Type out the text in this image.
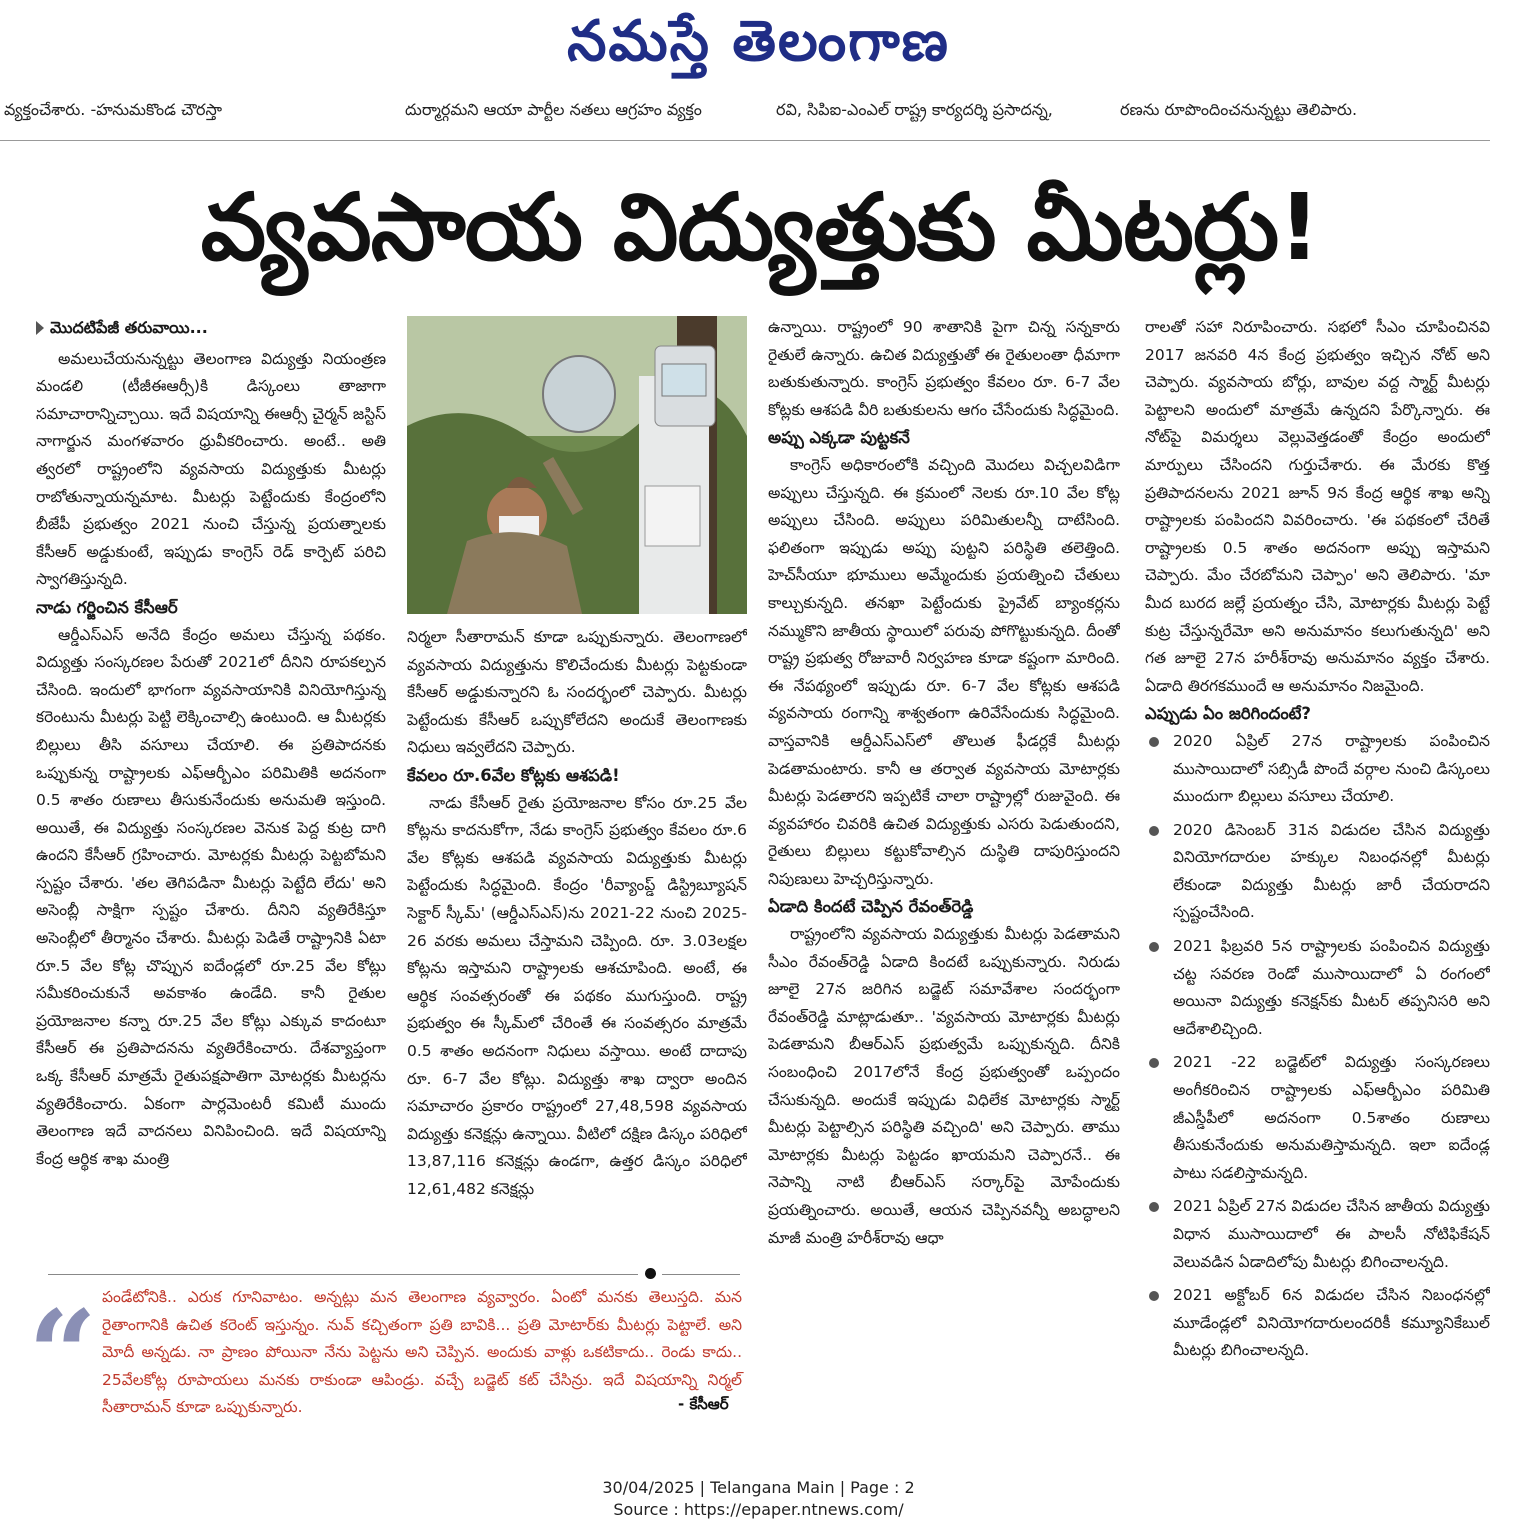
నమస్తే తెలంగాణ
వ్యక్తంచేశారు. -హనుమకొండ చౌరస్తా	దుర్మార్గమని ఆయా పార్టీల నతలు ఆగ్రహం వ్యక్తం	రవి, సిపిఐ-ఎంఎల్ రాష్ట్ర కార్యదర్శి ప్రసాదన్న,	రణను రూపొందించనున్నట్టు తెలిపారు.
వ్యవసాయ విద్యుత్తుకు మీటర్లు!
మొదటిపేజీ తరువాయి...

అమలుచేయనున్నట్టు తెలంగాణ విద్యుత్తు నియంత్రణ మండలి (టీజీఈఆర్సీ)కి డిస్కంలు తాజాగా సమాచారాన్నిచ్చాయి. ఇదే విషయాన్ని ఈఆర్సీ చైర్మన్ జస్టిస్ నాగార్జున మంగళవారం ధ్రువీకరించారు. అంటే.. అతి త్వరలో రాష్ట్రంలోని వ్యవసాయ విద్యుత్తుకు మీటర్లు రాబోతున్నాయన్నమాట. మీటర్లు పెట్టేందుకు కేంద్రంలోని బీజేపీ ప్రభుత్వం 2021 నుంచి చేస్తున్న ప్రయత్నాలకు కేసీఆర్ అడ్డుకుంటే, ఇప్పుడు కాంగ్రెస్ రెడ్ కార్పెట్ పరిచి స్వాగతిస్తున్నది.

నాడు గర్జించిన కేసీఆర్

ఆర్డీఎస్ఎస్ అనేది కేంద్రం అమలు చేస్తున్న పథకం. విద్యుత్తు సంస్కరణల పేరుతో 2021లో దీనిని రూపకల్పన చేసింది. ఇందులో భాగంగా వ్యవసాయానికి వినియోగిస్తున్న కరెంటును మీటర్లు పెట్టి లెక్కించాల్సి ఉంటుంది. ఆ మీటర్లకు బిల్లులు తీసి వసూలు చేయాలి. ఈ ప్రతిపాదనకు ఒప్పుకున్న రాష్ట్రాలకు ఎఫ్ఆర్బీఎం పరిమితికి అదనంగా 0.5 శాతం రుణాలు తీసుకునేందుకు అనుమతి ఇస్తుంది. అయితే, ఈ విద్యుత్తు సంస్కరణల వెనుక పెద్ద కుట్ర దాగి ఉందని కేసీఆర్ గ్రహించారు. మోటర్లకు మీటర్లు పెట్టబోమని స్పష్టం చేశారు. 'తల తెగిపడినా మీటర్లు పెట్టేది లేదు' అని అసెంబ్లీ సాక్షిగా స్పష్టం చేశారు. దీనిని వ్యతిరేకిస్తూ అసెంబ్లీలో తీర్మానం చేశారు. మీటర్లు పెడితే రాష్ట్రానికి ఏటా రూ.5 వేల కోట్ల చొప్పున ఐదేండ్లలో రూ.25 వేల కోట్లు సమీకరించుకునే అవకాశం ఉండేది. కానీ రైతుల ప్రయోజనాల కన్నా రూ.25 వేల కోట్లు ఎక్కువ కాదంటూ కేసీఆర్ ఈ ప్రతిపాదనను వ్యతిరేకించారు. దేశవ్యాప్తంగా ఒక్క కేసీఆర్ మాత్రమే రైతుపక్షపాతిగా మోటర్లకు మీటర్లను వ్యతిరేకించారు. ఏకంగా పార్లమెంటరీ కమిటీ ముందు తెలంగాణ ఇదే వాదనలు వినిపించింది. ఇదే విషయాన్ని కేంద్ర ఆర్థిక శాఖ మంత్రి

నిర్మలా సీతారామన్ కూడా ఒప్పుకున్నారు. తెలంగాణలో వ్యవసాయ విద్యుత్తును కొలిచేందుకు మీటర్లు పెట్టకుండా కేసీఆర్ అడ్డుకున్నారని ఓ సందర్భంలో చెప్పారు. మీటర్లు పెట్టేందుకు కేసీఆర్ ఒప్పుకోలేదని అందుకే తెలంగాణకు నిధులు ఇవ్వలేదని చెప్పారు.

కేవలం రూ.6వేల కోట్లకు ఆశపడి!

నాడు కేసీఆర్ రైతు ప్రయోజనాల కోసం రూ.25 వేల కోట్లను కాదనుకోగా, నేడు కాంగ్రెస్ ప్రభుత్వం కేవలం రూ.6 వేల కోట్లకు ఆశపడి వ్యవసాయ విద్యుత్తుకు మీటర్లు పెట్టేందుకు సిద్ధమైంది. కేంద్రం 'రీవ్యాంప్డ్ డిస్ట్రిబ్యూషన్ సెక్టార్ స్కీమ్' (ఆర్డీఎస్ఎస్)ను 2021-22 నుంచి 2025-26 వరకు అమలు చేస్తామని చెప్పింది. రూ. 3.03లక్షల కోట్లను ఇస్తామని రాష్ట్రాలకు ఆశచూపింది. అంటే, ఈ ఆర్థిక సంవత్సరంతో ఈ పథకం ముగుస్తుంది. రాష్ట్ర ప్రభుత్వం ఈ స్కీమ్‌లో చేరింతే ఈ సంవత్సరం మాత్రమే 0.5 శాతం అదనంగా నిధులు వస్తాయి. అంటే దాదాపు రూ. 6-7 వేల కోట్లు. విద్యుత్తు శాఖ ద్వారా అందిన సమాచారం ప్రకారం రాష్ట్రంలో 27,48,598 వ్యవసాయ విద్యుత్తు కనెక్షన్లు ఉన్నాయి. వీటిలో దక్షిణ డిస్కం పరిధిలో 13,87,116 కనెక్షన్లు ఉండగా, ఉత్తర డిస్కం పరిధిలో 12,61,482 కనెక్షన్లు

ఉన్నాయి. రాష్ట్రంలో 90 శాతానికి పైగా చిన్న సన్నకారు రైతులే ఉన్నారు. ఉచిత విద్యుత్తుతో ఈ రైతులంతా ధీమాగా బతుకుతున్నారు. కాంగ్రెస్ ప్రభుత్వం కేవలం రూ. 6-7 వేల కోట్లకు ఆశపడి వీరి బతుకులను ఆగం చేసేందుకు సిద్ధమైంది.

అప్పు ఎక్కడా పుట్టకనే

కాంగ్రెస్ అధికారంలోకి వచ్చింది మొదలు విచ్చలవిడిగా అప్పులు చేస్తున్నది. ఈ క్రమంలో నెలకు రూ.10 వేల కోట్ల అప్పులు చేసింది. అప్పులు పరిమితులన్నీ దాటేసింది. ఫలితంగా ఇప్పుడు అప్పు పుట్టని పరిస్థితి తలెత్తింది. హెచ్‌సీయూ భూములు అమ్మేందుకు ప్రయత్నించి చేతులు కాల్చుకున్నది. తనఖా పెట్టేందుకు ప్రైవేట్ బ్యాంకర్లను నమ్ముకొని జాతీయ స్థాయిలో పరువు పోగొట్టుకున్నది. దీంతో రాష్ట్ర ప్రభుత్వ రోజువారీ నిర్వహణ కూడా కష్టంగా మారింది. ఈ నేపథ్యంలో ఇప్పుడు రూ. 6-7 వేల కోట్లకు ఆశపడి వ్యవసాయ రంగాన్ని శాశ్వతంగా ఉరివేసేందుకు సిద్ధమైంది. వాస్తవానికి ఆర్డీఎస్ఎస్‌లో తొలుత ఫీడర్లకే మీటర్లు పెడతామంటారు. కానీ ఆ తర్వాత వ్యవసాయ మోటార్లకు మీటర్లు పెడతారని ఇప్పటికే చాలా రాష్ట్రాల్లో రుజువైంది. ఈ వ్యవహారం చివరికి ఉచిత విద్యుత్తుకు ఎసరు పెడుతుందని, రైతులు బిల్లులు కట్టుకోవాల్సిన దుస్థితి దాపురిస్తుందని నిపుణులు హెచ్చరిస్తున్నారు.

ఏడాది కిందటే చెప్పిన రేవంత్‌రెడ్డి

రాష్ట్రంలోని వ్యవసాయ విద్యుత్తుకు మీటర్లు పెడతామని సీఎం రేవంత్‌రెడ్డి ఏడాది కిందటే ఒప్పుకున్నారు. నిరుడు జూలై 27న జరిగిన బడ్జెట్ సమావేశాల సందర్భంగా రేవంత్‌రెడ్డి మాట్లాడుతూ.. 'వ్యవసాయ మోటార్లకు మీటర్లు పెడతామని బీఆర్ఎస్ ప్రభుత్వమే ఒప్పుకున్నది. దీనికి సంబంధించి 2017లోనే కేంద్ర ప్రభుత్వంతో ఒప్పందం చేసుకున్నది. అందుకే ఇప్పుడు విధిలేక మోటార్లకు స్మార్ట్ మీటర్లు పెట్టాల్సిన పరిస్థితి వచ్చింది' అని చెప్పారు. తాము మోటార్లకు మీటర్లు పెట్టడం ఖాయమని చెప్పారనే.. ఈ నెపాన్ని నాటి బీఆర్ఎస్ సర్కార్‌పై మోపేందుకు ప్రయత్నించారు. అయితే, ఆయన చెప్పినవన్నీ అబద్ధాలని మాజీ మంత్రి హరీశ్‌రావు ఆధా

రాలతో సహా నిరూపించారు. సభలో సీఎం చూపించినవి 2017 జనవరి 4న కేంద్ర ప్రభుత్వం ఇచ్చిన నోట్ అని చెప్పారు. వ్యవసాయ బోర్లు, బావుల వద్ద స్మార్ట్ మీటర్లు పెట్టాలని అందులో మాత్రమే ఉన్నదని పేర్కొన్నారు. ఈ నోట్‌పై విమర్శలు వెల్లువెత్తడంతో కేంద్రం అందులో మార్పులు చేసిందని గుర్తుచేశారు. ఈ మేరకు కొత్త ప్రతిపాదనలను 2021 జూన్ 9న కేంద్ర ఆర్థిక శాఖ అన్ని రాష్ట్రాలకు పంపిందని వివరించారు. 'ఈ పథకంలో చేరితే రాష్ట్రాలకు 0.5 శాతం అదనంగా అప్పు ఇస్తామని చెప్పారు. మేం చేరబోమని చెప్పాం' అని తెలిపారు. 'మా మీద బురద జల్లే ప్రయత్నం చేసి, మోటార్లకు మీటర్లు పెట్టే కుట్ర చేస్తున్నరేమో అని అనుమానం కలుగుతున్నది' అని గత జూలై 27న హరీశ్‌రావు అనుమానం వ్యక్తం చేశారు. ఏడాది తిరగకముందే ఆ అనుమానం నిజమైంది.

ఎప్పుడు ఏం జరిగిందంటే?

2020 ఏప్రిల్ 27న రాష్ట్రాలకు పంపించిన ముసాయిదాలో సబ్సిడీ పొందే వర్గాల నుంచి డిస్కంలు ముందుగా బిల్లులు వసూలు చేయాలి.
2020 డిసెంబర్ 31న విడుదల చేసిన విద్యుత్తు వినియోగదారుల హక్కుల నిబంధనల్లో మీటర్లు లేకుండా విద్యుత్తు మీటర్లు జారీ చేయరాదని స్పష్టంచేసింది.
2021 ఫిబ్రవరి 5న రాష్ట్రాలకు పంపించిన విద్యుత్తు చట్ట సవరణ రెండో ముసాయిదాలో ఏ రంగంలో అయినా విద్యుత్తు కనెక్షన్‌కు మీటర్ తప్పనిసరి అని ఆదేశాలిచ్చింది.
2021 -22 బడ్జెట్‌లో విద్యుత్తు సంస్కరణలు అంగీకరించిన రాష్ట్రాలకు ఎఫ్ఆర్బీఎం పరిమితి జీఎస్డీపీలో అదనంగా 0.5శాతం రుణాలు తీసుకునేందుకు అనుమతిస్తామన్నది. ఇలా ఐదేండ్ల పాటు సడలిస్తామన్నది.
2021 ఏప్రిల్ 27న విడుదల చేసిన జాతీయ విద్యుత్తు విధాన ముసాయిదాలో ఈ పాలసీ నోటిఫికేషన్ వెలువడిన ఏడాదిలోపు మీటర్లు బిగించాలన్నది.
2021 అక్టోబర్ 6న విడుదల చేసిన నిబంధనల్లో మూడేండ్లలో వినియోగదారులందరికీ కమ్యూనికేబుల్ మీటర్లు బిగించాలన్నది.
“ పండేటోనికి.. ఎరుక గూనివాటం. అన్నట్లు మన తెలంగాణ వ్యవ్వారం. ఏంటో మనకు తెలుస్తది. మన రైతాంగానికి ఉచిత కరెంట్ ఇస్తున్నం. నువ్ కచ్చితంగా ప్రతి బావికి... ప్రతి మోటార్‌కు మీటర్లు పెట్టాలే. అని మోదీ అన్నడు. నా ప్రాణం పోయినా నేను పెట్టను అని చెప్పిన. అందుకు వాళ్లు ఒకటికాదు.. రెండు కాదు.. 25వేలకోట్ల రూపాయలు మనకు రాకుండా ఆపిండ్రు. వచ్చే బడ్జెట్ కట్ చేసిన్రు. ఇదే విషయాన్ని నిర్మల్ సీతారామన్ కూడా ఒప్పుకున్నారు.	- కేసీఆర్
30/04/2025 | Telangana Main | Page : 2
Source : https://epaper.ntnews.com/
